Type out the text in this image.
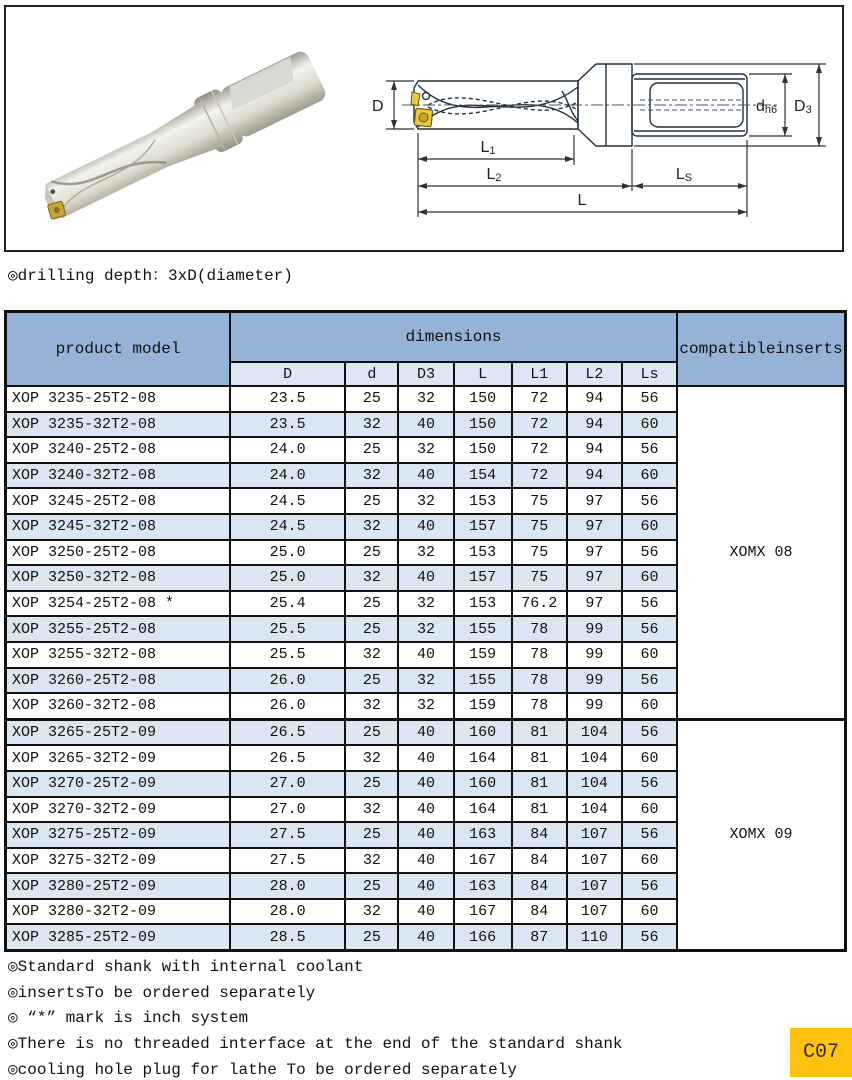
D	dh6 D3
L1
L2	LS
L
◎drilling depth：3xD(diameter)
product model	dimensions							compatibleinserts
	D	d	D3	L	L1	L2	Ls	
XOP 3235-25T2-08	23.5	25	32	150	72	94	56	XOMX 08
XOP 3235-32T2-08	23.5	32	40	150	72	94	60	
XOP 3240-25T2-08	24.0	25	32	150	72	94	56	
XOP 3240-32T2-08	24.0	32	40	154	72	94	60	
XOP 3245-25T2-08	24.5	25	32	153	75	97	56	
XOP 3245-32T2-08	24.5	32	40	157	75	97	60	
XOP 3250-25T2-08	25.0	25	32	153	75	97	56	
XOP 3250-32T2-08	25.0	32	40	157	75	97	60	
XOP 3254-25T2-08 *	25.4	25	32	153	76.2	97	56	
XOP 3255-25T2-08	25.5	25	32	155	78	99	56	
XOP 3255-32T2-08	25.5	32	40	159	78	99	60	
XOP 3260-25T2-08	26.0	25	32	155	78	99	56	
XOP 3260-32T2-08	26.0	32	32	159	78	99	60	
XOP 3265-25T2-09	26.5	25	40	160	81	104	56	XOMX 09
XOP 3265-32T2-09	26.5	32	40	164	81	104	60	
XOP 3270-25T2-09	27.0	25	40	160	81	104	56	
XOP 3270-32T2-09	27.0	32	40	164	81	104	60	
XOP 3275-25T2-09	27.5	25	40	163	84	107	56	
XOP 3275-32T2-09	27.5	32	40	167	84	107	60	
XOP 3280-25T2-09	28.0	25	40	163	84	107	56	
XOP 3280-32T2-09	28.0	32	40	167	84	107	60	
XOP 3285-25T2-09	28.5	25	40	166	87	110	56	
◎Standard shank with internal coolant
◎insertsTo be ordered separately
◎ “*” mark is inch system
◎There is no threaded interface at the end of the standard shank
◎cooling hole plug for lathe To be ordered separately
C07
